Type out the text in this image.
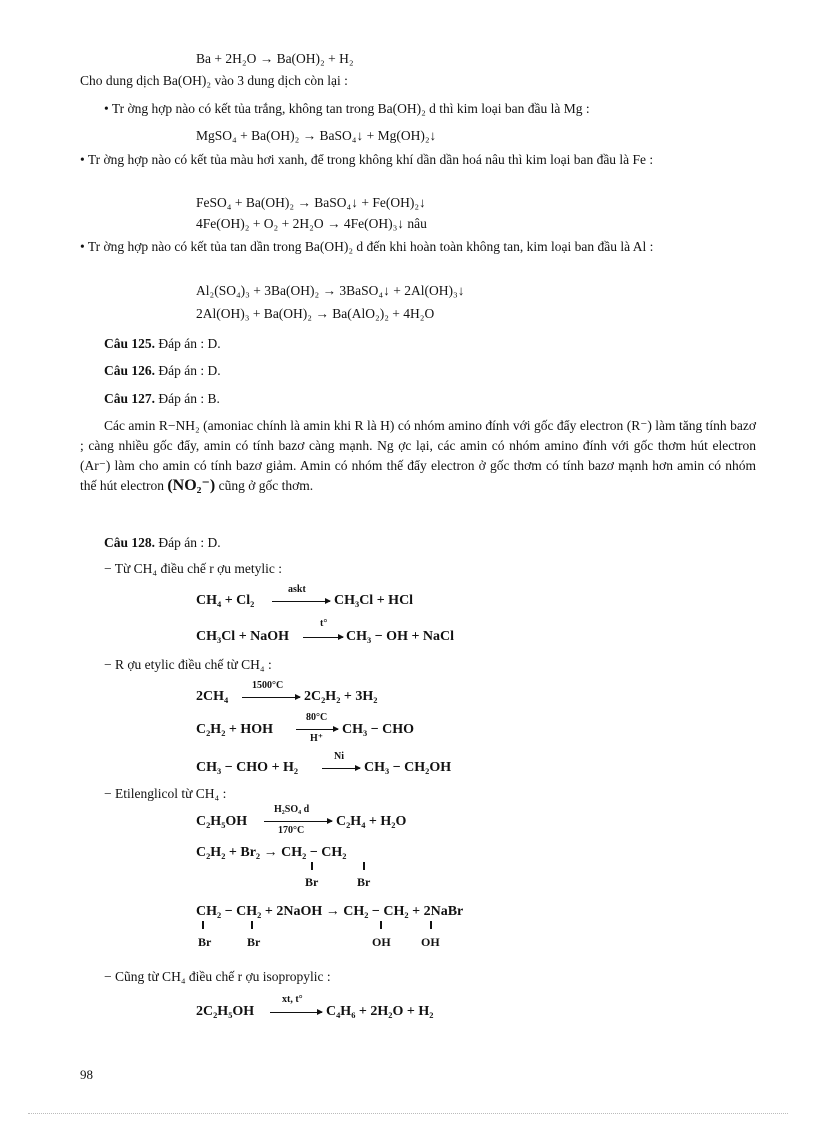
Ba + 2H₂O → Ba(OH)₂ + H₂
Cho dung dịch Ba(OH)₂ vào 3 dung dịch còn lại :
• Tr ờng hợp nào có kết tủa trắng, không tan trong Ba(OH)₂ d thì kim loại ban đầu là Mg :
MgSO₄ + Ba(OH)₂ → BaSO₄↓ + Mg(OH)₂↓
• Tr ờng hợp nào có kết tủa màu hơi xanh, để trong không khí dần dần hoá nâu thì kim loại ban đầu là Fe :
FeSO₄ + Ba(OH)₂ → BaSO₄↓ + Fe(OH)₂↓
4Fe(OH)₂ + O₂ + 2H₂O → 4Fe(OH)₃↓ nâu
• Tr ờng hợp nào có kết tủa tan dần trong Ba(OH)₂ d đến khi hoàn toàn không tan, kim loại ban đầu là Al :
Al₂(SO₄)₃ + 3Ba(OH)₂ → 3BaSO₄↓ + 2Al(OH)₃↓
2Al(OH)₃ + Ba(OH)₂ → Ba(AlO₂)₂ + 4H₂O
Câu 125. Đáp án : D.
Câu 126. Đáp án : D.
Câu 127. Đáp án : B.
Các amin R−NH₂ (amoniac chính là amin khi R là H) có nhóm amino đính với gốc đẩy electron (R⁻) làm tăng tính bazơ ; càng nhiều gốc đẩy, amin có tính bazơ càng mạnh. Ng ợc lại, các amin có nhóm amino đính với gốc thơm hút electron (Ar⁻) làm cho amin có tính bazơ giảm. Amin có nhóm thế đẩy electron ở gốc thơm có tính bazơ mạnh hơn amin có nhóm thế hút electron (NO₂⁻) cũng ở gốc thơm.
Câu 128. Đáp án : D.
− Từ CH₄ điều chế r ợu metylic :
CH₄ + Cl₂
askt
→ CH₃Cl + HCl
CH₃Cl + NaOH
t°
→ CH₃ − OH + NaCl
− R ợu etylic điều chế từ CH₄ :
2CH₄
1500°C
→ 2C₂H₂ + 3H₂
C₂H₂ + HOH
80°C
H⁺
CH₃ − CHO
CH₃ − CHO + H₂
Ni
→ CH₃ − CH₂OH
− Etilenglicol từ CH₄ :
C₂H₅OH
H₂SO₄ d
170°C
C₂H₄ + H₂O
C₂H₂ + Br₂ → CH₂ − CH₂
Br	Br
CH₂ − CH₂ + 2NaOH → CH₂ − CH₂ + 2NaBr
Br	Br	OH	OH
− Cũng từ CH₄ điều chế r ợu isopropylic :
2C₂H₅OH
xt, t°
→ C₄H₆ + 2H₂O + H₂
98
